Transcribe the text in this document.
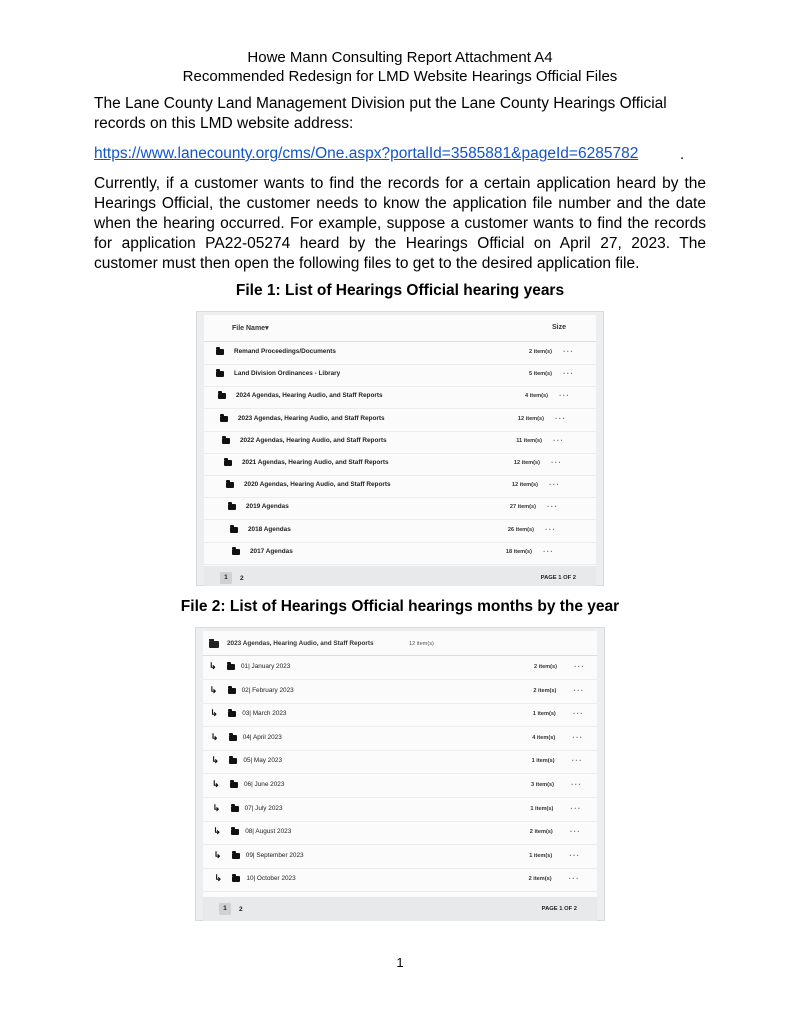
Howe Mann Consulting Report Attachment A4
Recommended Redesign for LMD Website Hearings Official Files
The Lane County Land Management Division put the Lane County Hearings Official records on this LMD website address:
https://www.lanecounty.org/cms/One.aspx?portalId=3585881&pageId=6285782	.
Currently, if a customer wants to find the records for a certain application heard by the Hearings Official, the customer needs to know the application file number and the date when the hearing occurred. For example, suppose a customer wants to find the records for application PA22-05274 heard by the Hearings Official on April 27, 2023. The customer must then open the following files to get to the desired application file.
File 1: List of Hearings Official hearing years
File Name▾	Size
Remand Proceedings/Documents	2 item(s) ···
Land Division Ordinances - Library	5 item(s) ···
2024 Agendas, Hearing Audio, and Staff Reports	4 item(s) ···
2023 Agendas, Hearing Audio, and Staff Reports	12 item(s) ···
2022 Agendas, Hearing Audio, and Staff Reports	11 item(s) ···
2021 Agendas, Hearing Audio, and Staff Reports	12 item(s) ···
2020 Agendas, Hearing Audio, and Staff Reports	12 item(s) ···
2019 Agendas	27 item(s) ···
2018 Agendas	26 item(s) ···
2017 Agendas	18 item(s) ···
1	2	PAGE 1 OF 2
File 2: List of Hearings Official hearings months by the year
2023 Agendas, Hearing Audio, and Staff Reports	12 item(s)
↳	01| January 2023	2 item(s) ···
↳	02| February 2023	2 item(s) ···
↳	03| March 2023	1 item(s) ···
↳	04| April 2023	4 item(s) ···
↳	05| May 2023	1 item(s) ···
↳	06| June 2023	3 item(s) ···
↳	07| July 2023	1 item(s) ···
↳	08| August 2023	2 item(s) ···
↳	09| September 2023	1 item(s) ···
↳	10| October 2023	2 item(s) ···
1	2	PAGE 1 OF 2
1
